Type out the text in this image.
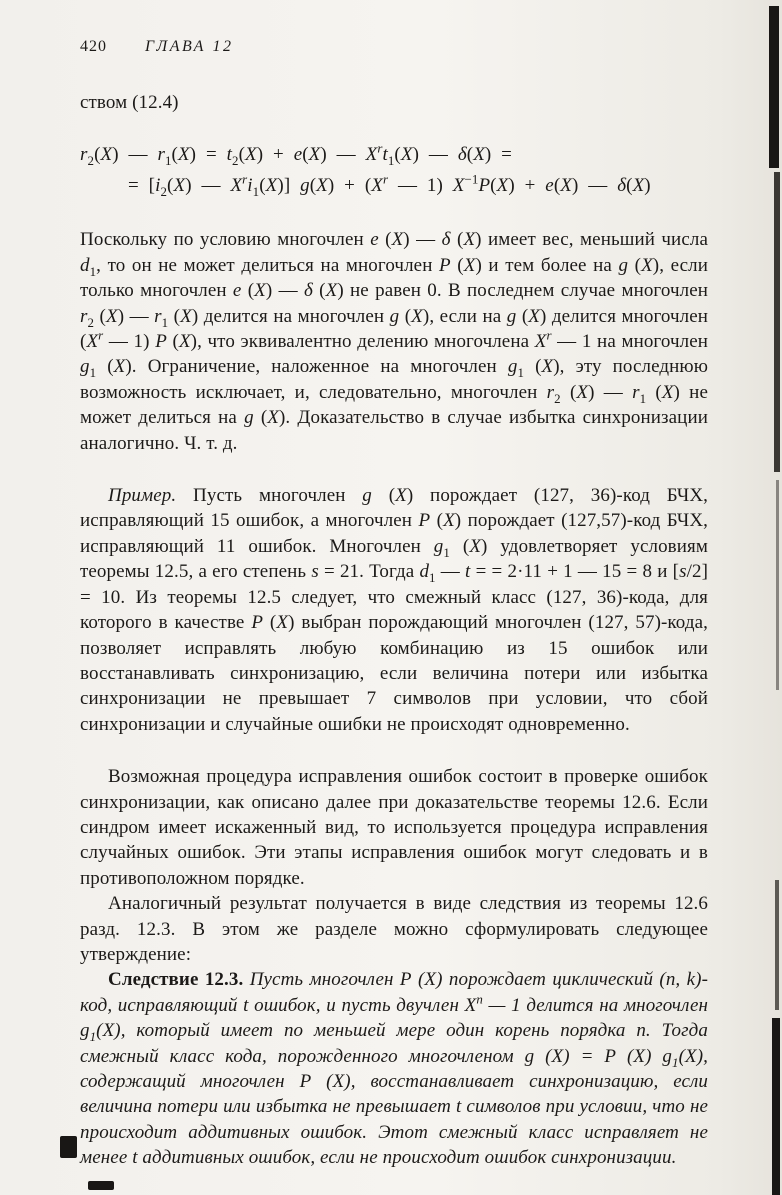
420 ГЛАВА 12

ством (12.4)

$r_2(X)$ — $r_1(X) = t_2(X) + e(X)$ — $X^rt_1(X)$ — δ(X) =
= [$i_2(X)$ — $X^ri_1(X)$] $g(X) + (X^r$ — 1) $X^{-1}P(X) + e(X)$ — δ(X)

Поскольку по условию многочлен e (X) — δ (X) имеет вес, меньший числа $d_1$, то он не может делиться на многочлен P (X) и тем более на g (X), если только многочлен e (X) — δ (X) не равен 0. В последнем случае многочлен $r_2$ (X) — $r_1$ (X) делится на многочлен g (X), если на g (X) делится многочлен ($X^r$ — 1) P (X), что эквивалентно делению многочлена $X^r$ — 1 на многочлен $g_1$ (X). Ограничение, наложенное на многочлен $g_1$ (X), эту последнюю возможность исключает, и, следовательно, многочлен $r_2$ (X) — $r_1$ (X) не может делиться на g (X). Доказательство в случае избытка синхронизации аналогично. Ч. т. д.

Пример. Пусть многочлен g (X) порождает (127, 36)-код БЧХ, исправляющий 15 ошибок, а многочлен P (X) порождает (127,57)-код БЧХ, исправляющий 11 ошибок. Многочлен $g_1$ (X) удовлетворяет условиям теоремы 12.5, а его степень s = 21. Тогда $d_1$ — t = = 2·11 + 1 — 15 = 8 и [s/2] = 10. Из теоремы 12.5 следует, что смежный класс (127, 36)-кода, для которого в качестве P (X) выбран порождающий многочлен (127, 57)-кода, позволяет исправлять любую комбинацию из 15 ошибок или восстанавливать синхронизацию, если величина потери или избытка синхронизации не превышает 7 символов при условии, что сбой синхронизации и случайные ошибки не происходят одновременно.

Возможная процедура исправления ошибок состоит в проверке ошибок синхронизации, как описано далее при доказательстве теоремы 12.6. Если синдром имеет искаженный вид, то используется процедура исправления случайных ошибок. Эти этапы исправления ошибок могут следовать и в противоположном порядке.

Аналогичный результат получается в виде следствия из теоремы 12.6 разд. 12.3. В этом же разделе можно сформулировать следующее утверждение:

Следствие 12.3. Пусть многочлен P (X) порождает циклический (n, k)-код, исправляющий t ошибок, и пусть двучлен $X^n$ — 1 делится на многочлен $g_1(X)$, который имеет по меньшей мере один корень порядка n. Тогда смежный класс кода, порожденного многочленом g (X) = P (X) $g_1(X)$, содержащий многочлен P (X), восстанавливает синхронизацию, если величина потери или избытка не превышает t символов при условии, что не происходит аддитивных ошибок. Этот смежный класс исправляет не менее t аддитивных ошибок, если не происходит ошибок синхронизации.
